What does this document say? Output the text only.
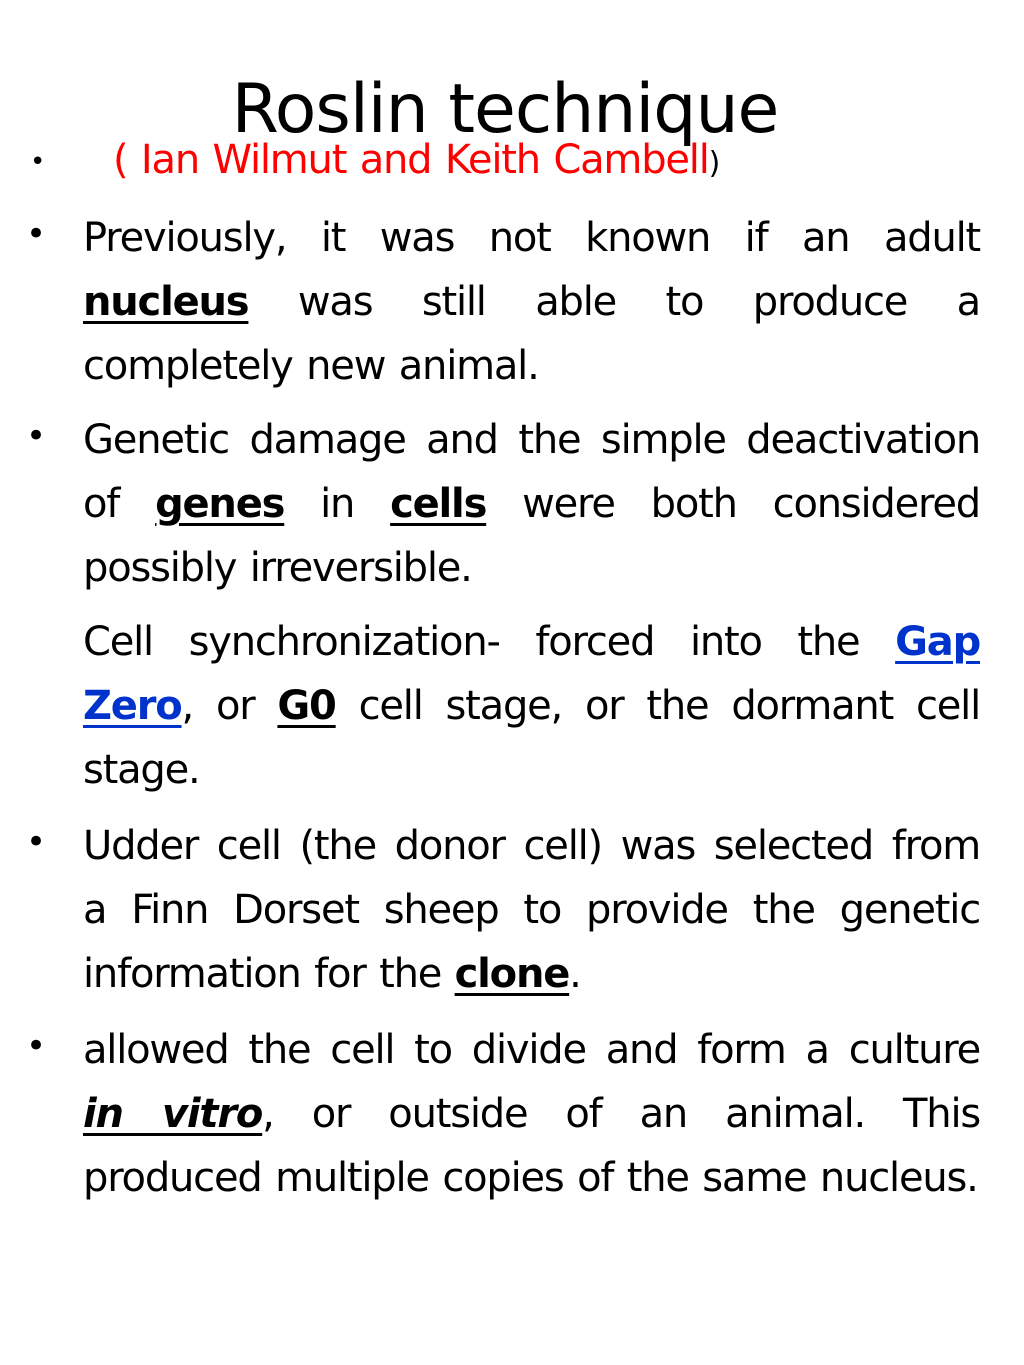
Roslin technique
• ( Ian Wilmut and Keith Cambell)
• Previously, it was not known if an adult nucleus was still able to produce a completely new animal.
• Genetic damage and the simple deactivation of genes in cells were both considered possibly irreversible.
Cell synchronization- forced into the Gap Zero, or G0 cell stage, or the dormant cell stage.
• Udder cell (the donor cell) was selected from a Finn Dorset sheep to provide the genetic information for the clone.
• allowed the cell to divide and form a culture in vitro, or outside of an animal. This produced multiple copies of the same nucleus.
